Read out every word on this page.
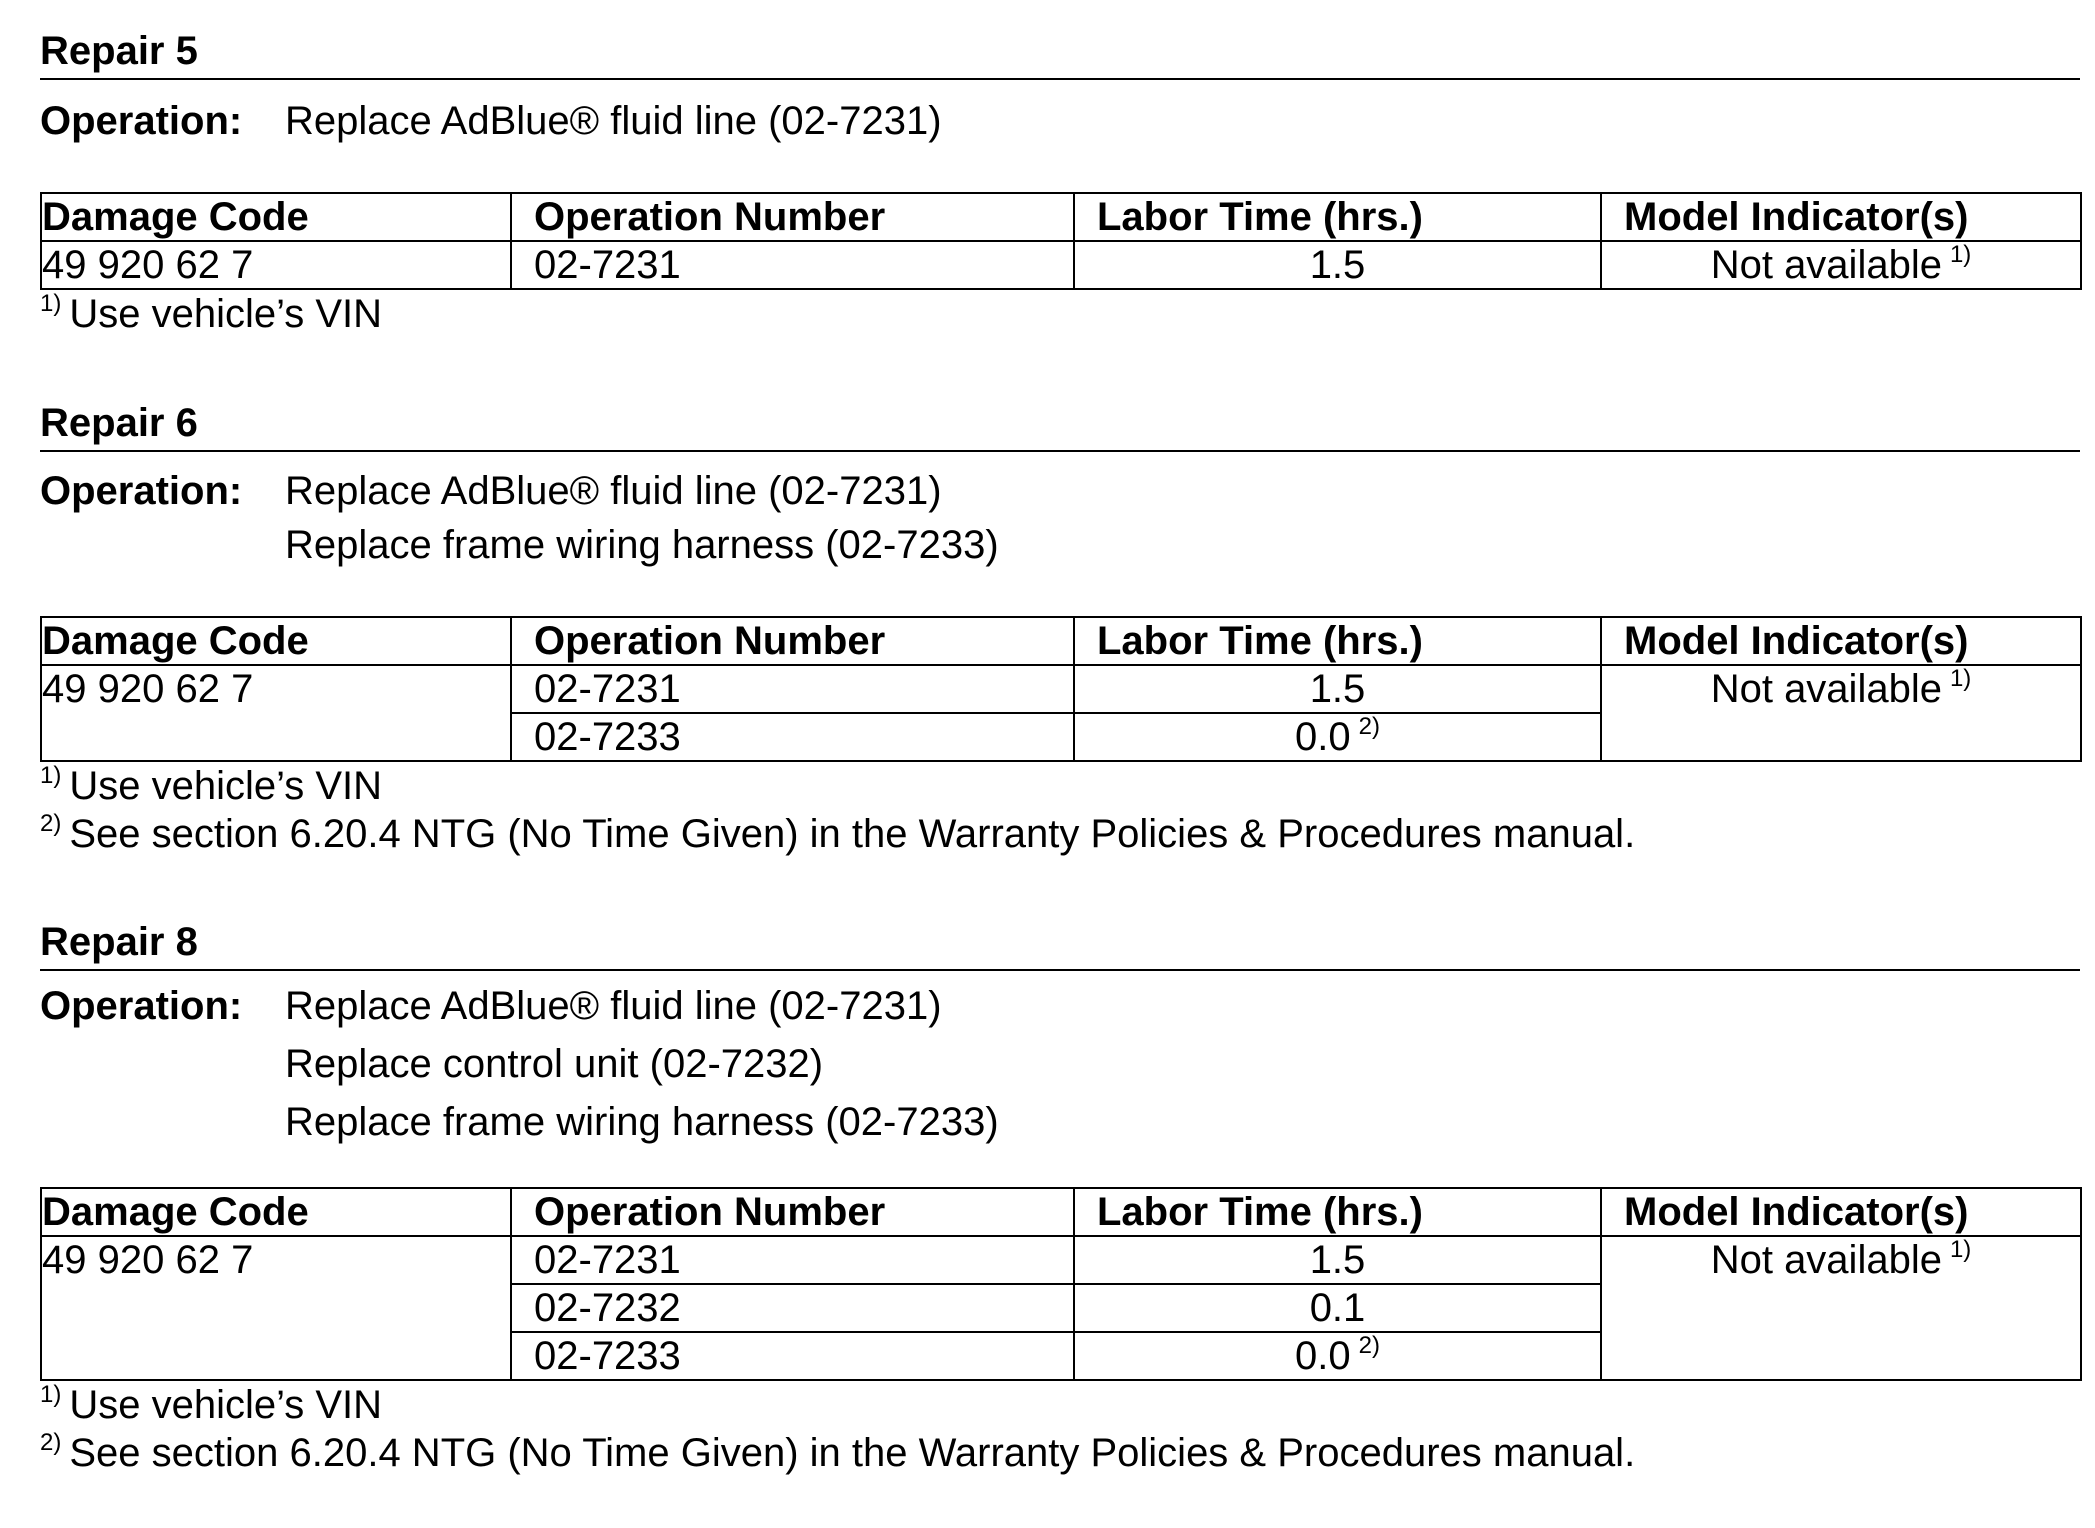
Repair 5
Operation:	Replace AdBlue® fluid line (02-7231)
Damage Code	Operation Number	Labor Time (hrs.)	Model Indicator(s)
49 920 62 7	02-7231	1.5	Not available $^{1)}$
$^{1)}$ Use vehicle’s VIN
Repair 6
Operation:	Replace AdBlue® fluid line (02-7231)
Replace frame wiring harness (02-7233)
Damage Code	Operation Number	Labor Time (hrs.)	Model Indicator(s)
49 920 62 7	02-7231	1.5	Not available $^{1)}$
	02-7233	0.0 $^{2)}$
$^{1)}$ Use vehicle’s VIN
$^{2)}$ See section 6.20.4 NTG (No Time Given) in the Warranty Policies & Procedures manual.
Repair 8
Operation:	Replace AdBlue® fluid line (02-7231)
Replace control unit (02-7232)
Replace frame wiring harness (02-7233)
Damage Code	Operation Number	Labor Time (hrs.)	Model Indicator(s)
49 920 62 7	02-7231	1.5	Not available $^{1)}$
	02-7232	0.1	
	02-7233	0.0 $^{2)}$
$^{1)}$ Use vehicle’s VIN
$^{2)}$ See section 6.20.4 NTG (No Time Given) in the Warranty Policies & Procedures manual.
